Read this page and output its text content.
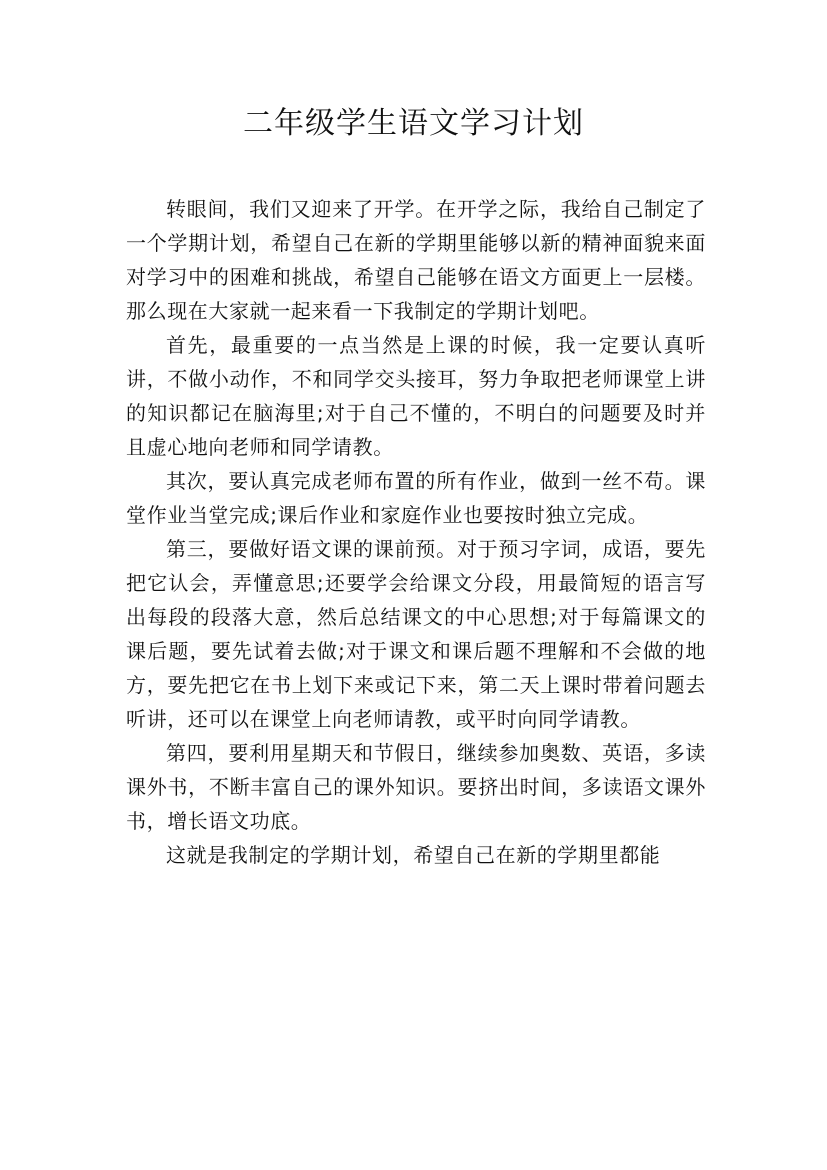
二年级学生语文学习计划

转眼间，我们又迎来了开学。在开学之际，我给自己制定了一个学期计划，希望自己在新的学期里能够以新的精神面貌来面对学习中的困难和挑战，希望自己能够在语文方面更上一层楼。那么现在大家就一起来看一下我制定的学期计划吧。

首先，最重要的一点当然是上课的时候，我一定要认真听讲，不做小动作，不和同学交头接耳，努力争取把老师课堂上讲的知识都记在脑海里;对于自己不懂的，不明白的问题要及时并且虚心地向老师和同学请教。

其次，要认真完成老师布置的所有作业，做到一丝不苟。课堂作业当堂完成;课后作业和家庭作业也要按时独立完成。

第三，要做好语文课的课前预。对于预习字词，成语，要先把它认会，弄懂意思;还要学会给课文分段，用最简短的语言写出每段的段落大意，然后总结课文的中心思想;对于每篇课文的课后题，要先试着去做;对于课文和课后题不理解和不会做的地方，要先把它在书上划下来或记下来，第二天上课时带着问题去听讲，还可以在课堂上向老师请教，或平时向同学请教。

第四，要利用星期天和节假日，继续参加奥数、英语，多读课外书，不断丰富自己的课外知识。要挤出时间，多读语文课外书，增长语文功底。

这就是我制定的学期计划，希望自己在新的学期里都能
